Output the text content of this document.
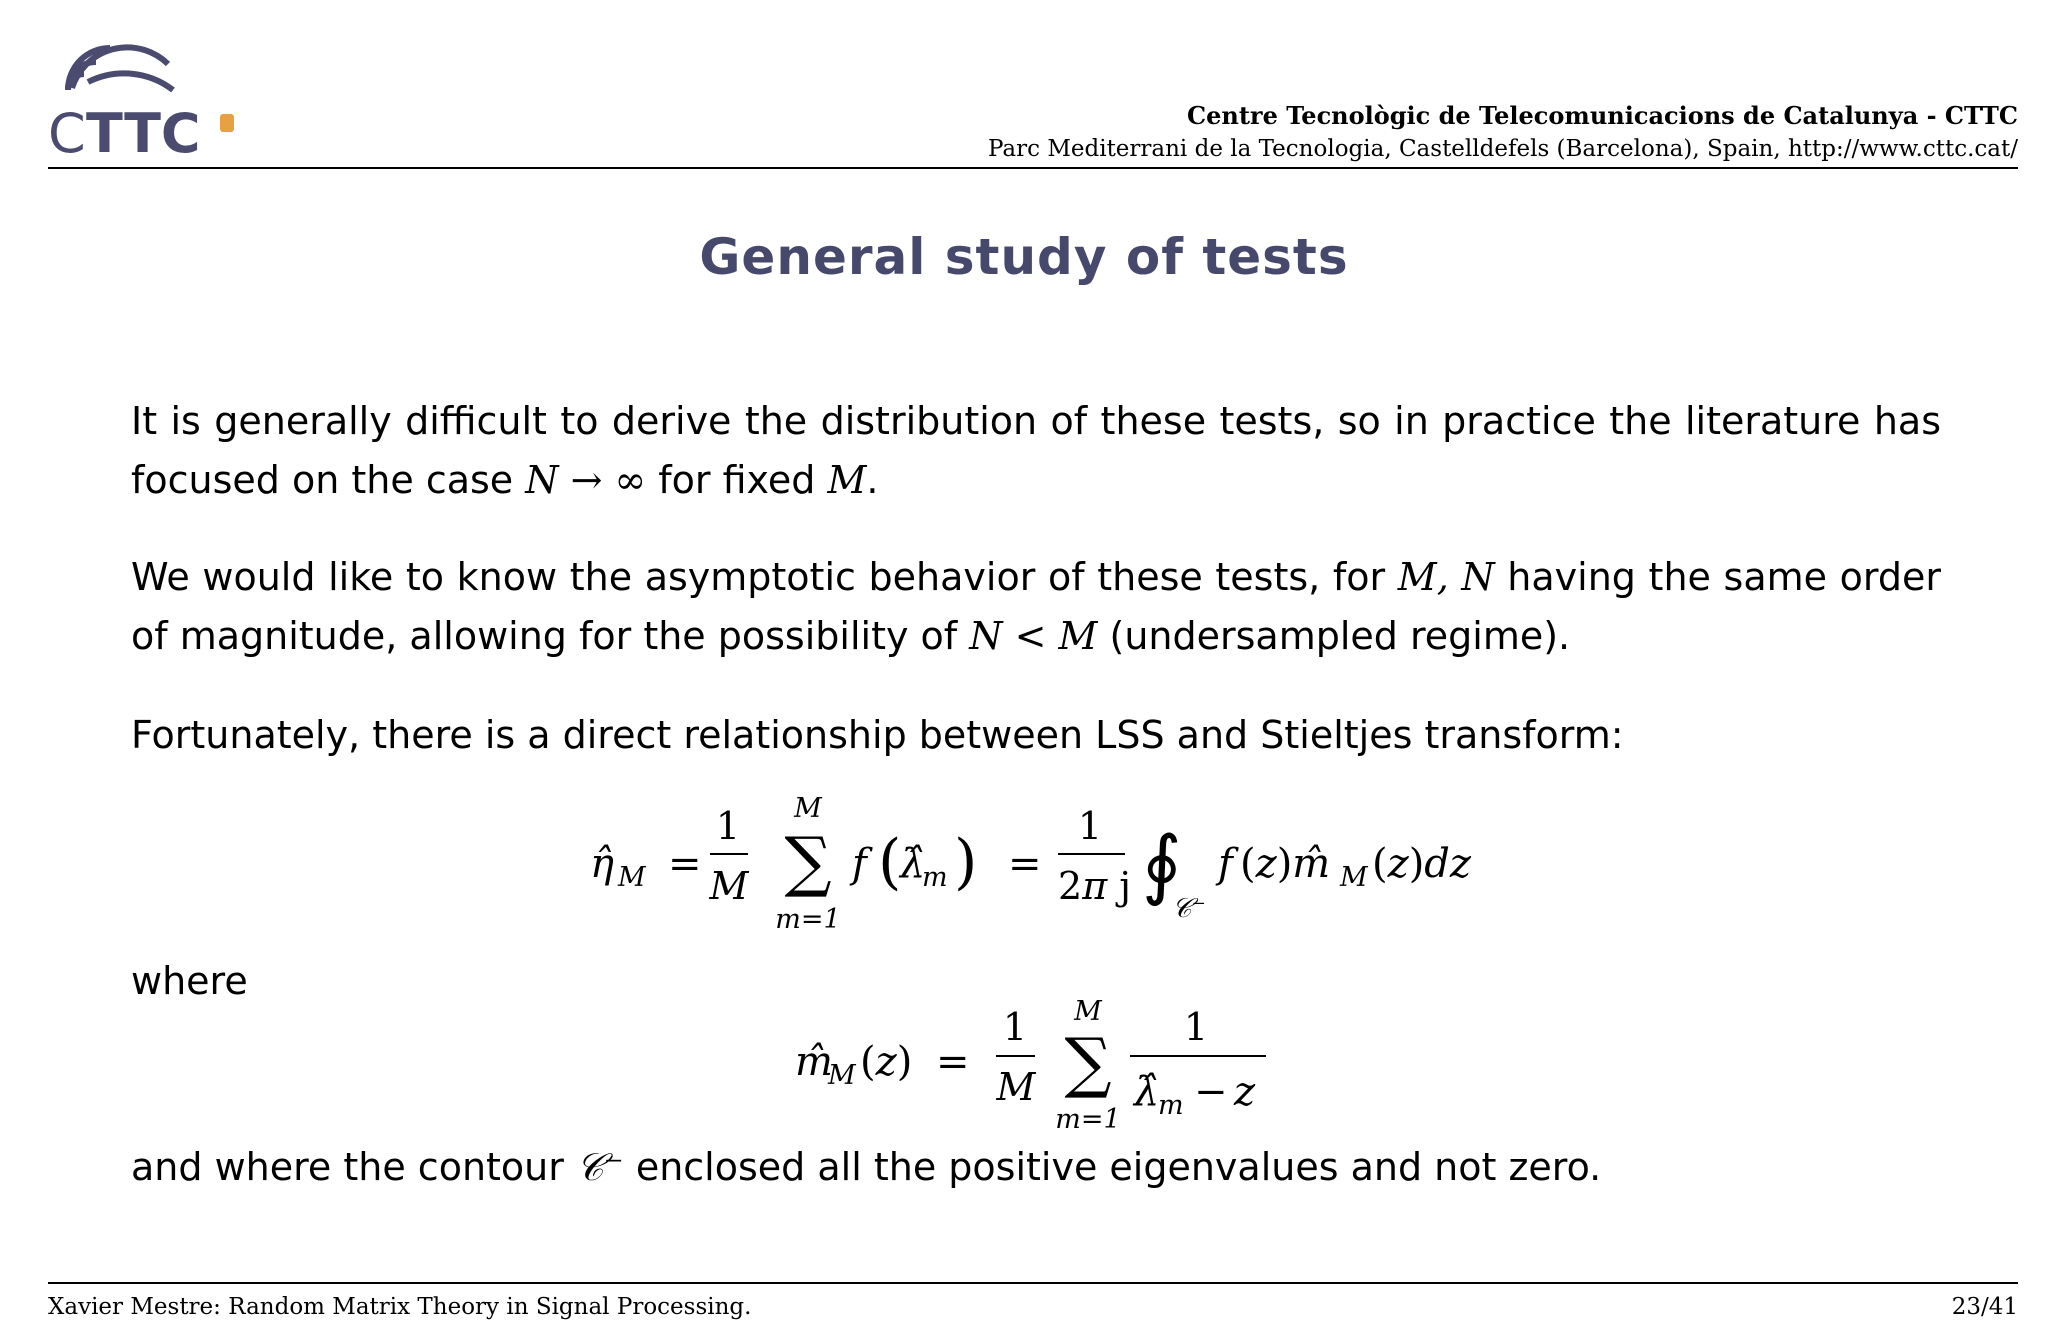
C TTC	Centre Tecnològic de Telecomunicacions de Catalunya - CTTC
Parc Mediterrani de la Tecnologia, Castelldefels (Barcelona), Spain, http://www.cttc.cat/
General study of tests

It is generally difficult to derive the distribution of these tests, so in practice the literature has focused on the case N → ∞ for fixed M.

We would like to know the asymptotic behavior of these tests, for M, N having the same order of magnitude, allowing for the possibility of N < M (undersampled regime).

Fortunately, there is a direct relationship between LSS and Stieltjes transform:

η̂ M =
1
M
M
∑
m=1
f (
λ̂
m ) =
1
2π j ∮
𝒞⁻
f (z)m̂ M (z)dz

where

m̂
M (z) =
1
M
M
∑
m=1
1
λ̂
m − z

and where the contour 𝒞⁻ enclosed all the positive eigenvalues and not zero.

Xavier Mestre: Random Matrix Theory in Signal Processing.	23/41
